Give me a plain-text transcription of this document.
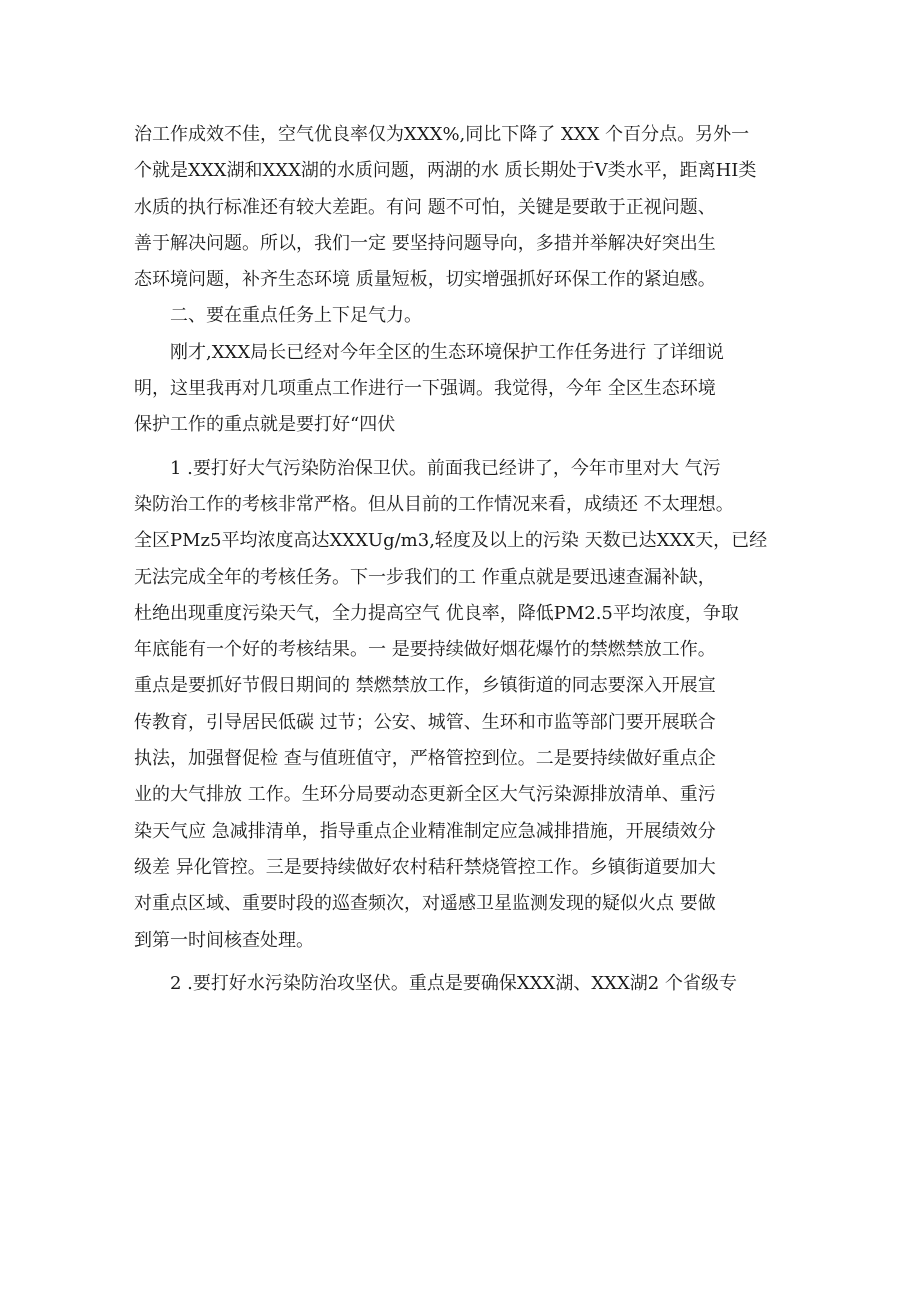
治工作成效不佳，空气优良率仅为XXX%,同比下降了 XXX 个百分点。另外一
个就是XXX湖和XXX湖的水质问题，两湖的水 质长期处于V类水平，距离HI类
水质的执行标准还有较大差距。有问 题不可怕，关键是要敢于正视问题、
善于解决问题。所以，我们一定 要坚持问题导向，多措并举解决好突出生
态环境问题，补齐生态环境 质量短板，切实增强抓好环保工作的紧迫感。
二、要在重点任务上下足气力。
刚才,XXX局长已经对今年全区的生态环境保护工作任务进行 了详细说
明，这里我再对几项重点工作进行一下强调。我觉得，今年 全区生态环境
保护工作的重点就是要打好“四伏
1 .要打好大气污染防治保卫伏。前面我已经讲了，今年市里对大 气污
染防治工作的考核非常严格。但从目前的工作情况来看，成绩还 不太理想。
全区PMz5平均浓度高达XXXUg/m3,轻度及以上的污染 天数已达XXX天，已经
无法完成全年的考核任务。下一步我们的工 作重点就是要迅速查漏补缺，
杜绝出现重度污染天气，全力提高空气 优良率，降低PM2.5平均浓度，争取
年底能有一个好的考核结果。一 是要持续做好烟花爆竹的禁燃禁放工作。
重点是要抓好节假日期间的 禁燃禁放工作，乡镇街道的同志要深入开展宣
传教育，引导居民低碳 过节；公安、城管、生环和市监等部门要开展联合
执法，加强督促检 查与值班值守，严格管控到位。二是要持续做好重点企
业的大气排放 工作。生环分局要动态更新全区大气污染源排放清单、重污
染天气应 急减排清单，指导重点企业精准制定应急减排措施，开展绩效分
级差 异化管控。三是要持续做好农村秸秆禁烧管控工作。乡镇街道要加大
对重点区域、重要时段的巡查频次，对遥感卫星监测发现的疑似火点 要做
到第一时间核查处理。
2 .要打好水污染防治攻坚伏。重点是要确保XXX湖、XXX湖2 个省级专
